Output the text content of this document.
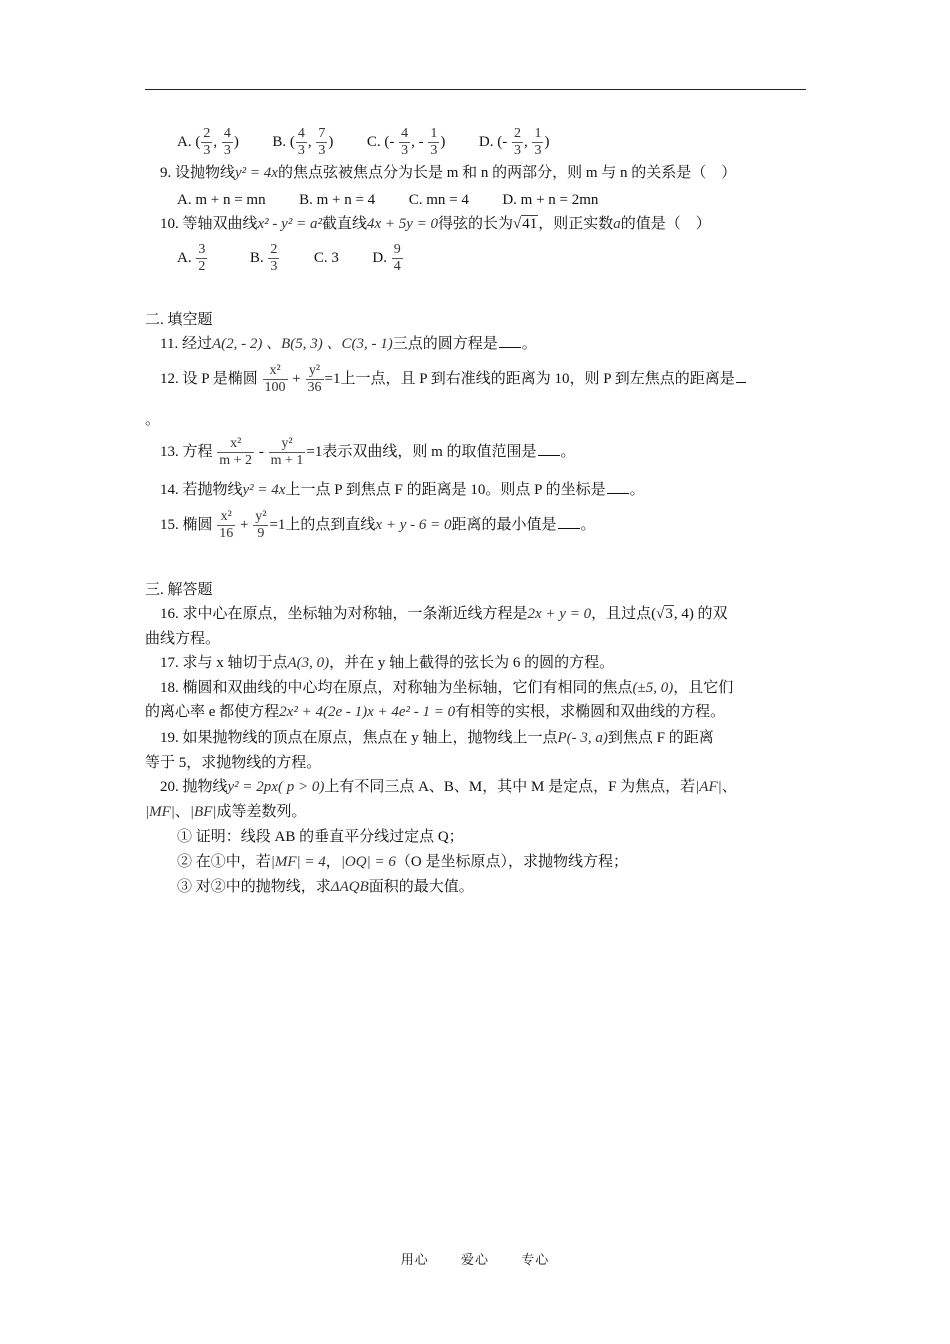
A. ( $\frac{2}{3}$ , $\frac{4}{3}$ )  B. ( $\frac{4}{3}$ , $\frac{7}{3}$ )  C. (- $\frac{4}{3}$ , - $\frac{1}{3}$ )  D. (- $\frac{2}{3}$ , $\frac{1}{3}$ )
9. 设抛物线y² = 4x的焦点弦被焦点分为长是 m 和 n 的两部分，则 m 与 n 的关系是（　）
A. m + n = mn B. m + n = 4 C. mn = 4 D. m + n = 2mn
10. 等轴双曲线x² - y² = a²截直线4x + 5y = 0得弦的长为√41，则正实数a的值是（　）
A. $\frac{3}{2}$	B. $\frac{2}{3} C$. 3 D. $\frac{9}{4}$
二. 填空题
11. 经过A(2, - 2) 、B(5, 3) 、C(3, - 1)三点的圆方程是 。
12. 设 P 是椭圆 $\frac{\text{x²}}{100} + \frac{\text{y²}}{36} =1$上一点，且 P 到右准线的距离为 10，则 P 到左焦点的距离是
。
13. 方程 $\frac{\text{x²}}{m + 2} - \frac{\text{y²}}{m + 1} =1$表示双曲线，则 m 的取值范围是 。
14. 若抛物线y² = 4x上一点 P 到焦点 F 的距离是 10。则点 P 的坐标是 。
15. 椭圆 $\frac{\text{x²}}{16} + \frac{\text{y²}}{9} =1$上的点到直线x + y - 6 = 0距离的最小值是 。
三. 解答题
16. 求中心在原点，坐标轴为对称轴，一条渐近线方程是2x + y = 0，且过点(√3, 4) 的双
曲线方程。
17. 求与 x 轴切于点A(3, 0)，并在 y 轴上截得的弦长为 6 的圆的方程。
18. 椭圆和双曲线的中心均在原点，对称轴为坐标轴，它们有相同的焦点(±5, 0)，且它们
的离心率 e 都使方程2x² + 4(2e - 1)x + 4e² - 1 = 0有相等的实根，求椭圆和双曲线的方程。
19. 如果抛物线的顶点在原点，焦点在 y 轴上，抛物线上一点P(- 3, a)到焦点 F 的距离
等于 5，求抛物线的方程。
20. 抛物线y² = 2px( p > 0)上有不同三点 A、B、M，其中 M 是定点，F 为焦点，若|AF|、
|MF|、|BF|成等差数列。
① 证明：线段 AB 的垂直平分线过定点 Q；
② 在①中，若|MF| = 4，|OQ| = 6（O 是坐标原点），求抛物线方程；
③ 对②中的抛物线，求ΔAQB面积的最大值。
用心 爱心 专心
